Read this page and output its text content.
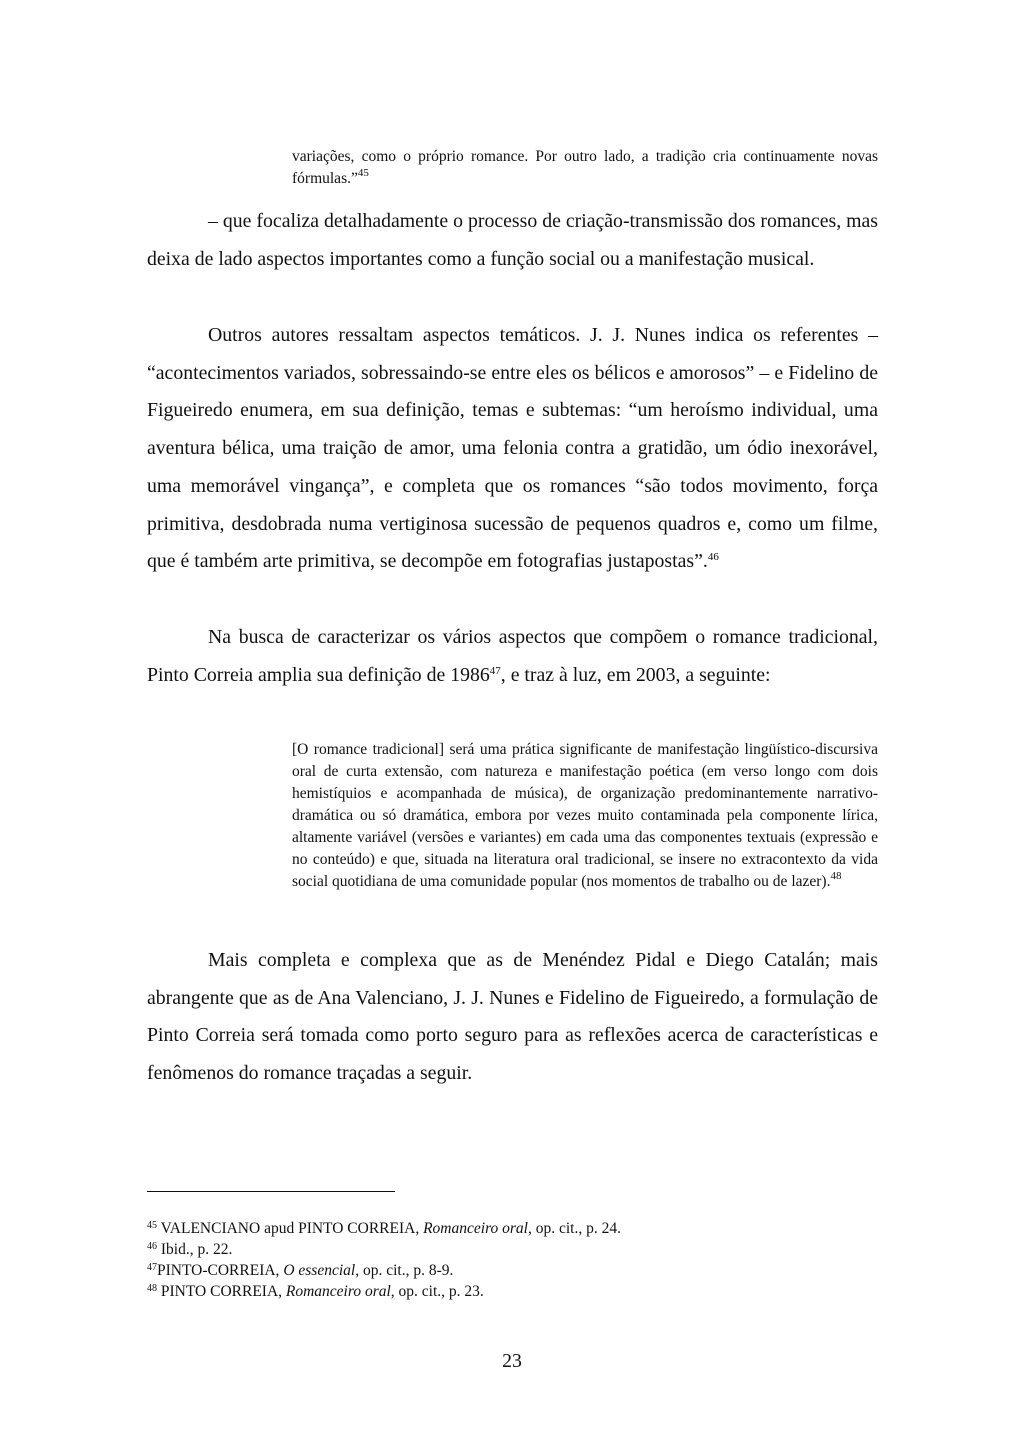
variações, como o próprio romance. Por outro lado, a tradição cria continuamente novas fórmulas.”$^{45}$

– que focaliza detalhadamente o processo de criação-transmissão dos romances, mas deixa de lado aspectos importantes como a função social ou a manifestação musical.

Outros autores ressaltam aspectos temáticos. J. J. Nunes indica os referentes – “acontecimentos variados, sobressaindo-se entre eles os bélicos e amorosos” – e Fidelino de Figueiredo enumera, em sua definição, temas e subtemas: “um heroísmo individual, uma aventura bélica, uma traição de amor, uma felonia contra a gratidão, um ódio inexorável, uma memorável vingança”, e completa que os romances “são todos movimento, força primitiva, desdobrada numa vertiginosa sucessão de pequenos quadros e, como um filme, que é também arte primitiva, se decompõe em fotografias justapostas”.$^{46}$

Na busca de caracterizar os vários aspectos que compõem o romance tradicional, Pinto Correia amplia sua definição de 1986$^{47}$, e traz à luz, em 2003, a seguinte:

[O romance tradicional] será uma prática significante de manifestação lingüístico-discursiva oral de curta extensão, com natureza e manifestação poética (em verso longo com dois hemistíquios e acompanhada de música), de organização predominantemente narrativo-dramática ou só dramática, embora por vezes muito contaminada pela componente lírica, altamente variável (versões e variantes) em cada uma das componentes textuais (expressão e no conteúdo) e que, situada na literatura oral tradicional, se insere no extracontexto da vida social quotidiana de uma comunidade popular (nos momentos de trabalho ou de lazer).$^{48}$

Mais completa e complexa que as de Menéndez Pidal e Diego Catalán; mais abrangente que as de Ana Valenciano, J. J. Nunes e Fidelino de Figueiredo, a formulação de Pinto Correia será tomada como porto seguro para as reflexões acerca de características e fenômenos do romance traçadas a seguir.

$^{45}$ VALENCIANO apud PINTO CORREIA, Romanceiro oral, op. cit., p. 24.
$^{46}$ Ibid., p. 22.
$^{47}$PINTO-CORREIA, O essencial, op. cit., p. 8-9.
$^{48}$ PINTO CORREIA, Romanceiro oral, op. cit., p. 23.
23
